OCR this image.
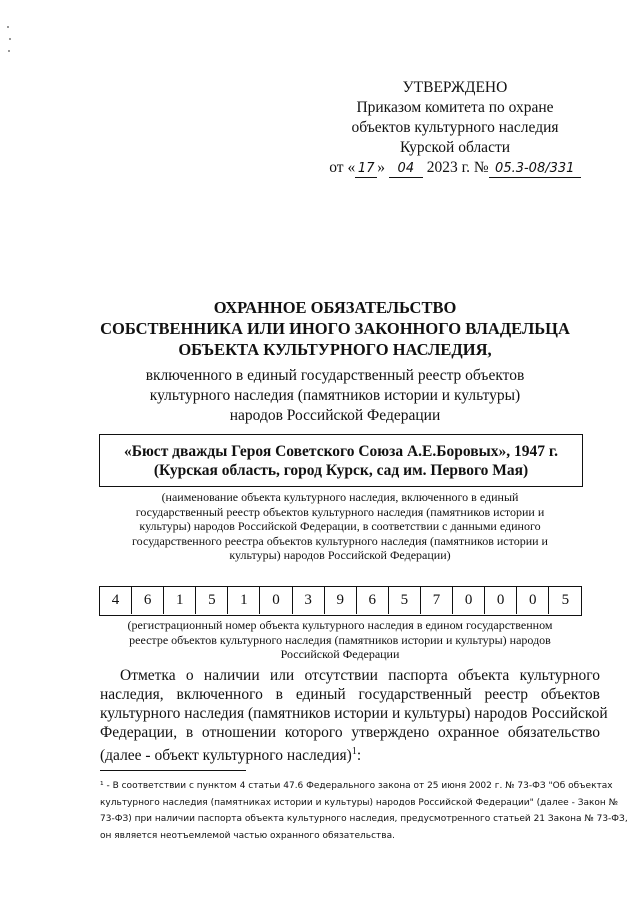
УТВЕРЖДЕНО
Приказом комитета по охране
объектов культурного наследия
Курской области
от « 17 » 04 2023 г. № 05.3-08/331
ОХРАННОЕ ОБЯЗАТЕЛЬСТВО
СОБСТВЕННИКА ИЛИ ИНОГО ЗАКОННОГО ВЛАДЕЛЬЦА
ОБЪЕКТА КУЛЬТУРНОГО НАСЛЕДИЯ,
включенного в единый государственный реестр объектов
культурного наследия (памятников истории и культуры)
народов Российской Федерации
«Бюст дважды Героя Советского Союза А.Е.Боровых», 1947 г.
(Курская область, город Курск, сад им. Первого Мая)
(наименование объекта культурного наследия, включенного в единый
государственный реестр объектов культурного наследия (памятников истории и
культуры) народов Российской Федерации, в соответствии с данными единого
государственного реестра объектов культурного наследия (памятников истории и
культуры) народов Российской Федерации)
4	6	1	5	1	0	3	9	6	5	7	0	0	0	5
(регистрационный номер объекта культурного наследия в едином государственном
реестре объектов культурного наследия (памятников истории и культуры) народов
Российской Федерации
Отметка о наличии или отсутствии паспорта объекта культурного
наследия, включенного в единый государственный реестр объектов
культурного наследия (памятников истории и культуры) народов Российской
Федерации, в отношении которого утверждено охранное обязательство
(далее - объект культурного наследия)$^1$:
¹ - В соответствии с пунктом 4 статьи 47.6 Федерального закона от 25 июня 2002 г. № 73-ФЗ "Об объектах
культурного наследия (памятниках истории и культуры) народов Российской Федерации" (далее - Закон №
73-ФЗ) при наличии паспорта объекта культурного наследия, предусмотренного статьей 21 Закона № 73-ФЗ,
он является неотъемлемой частью охранного обязательства.
